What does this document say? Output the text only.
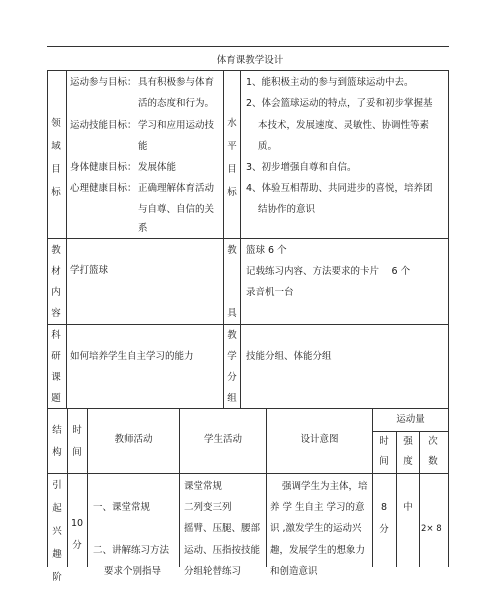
体育课教学设计
领
域
目
标
运动参与目标： 具有积极参与体育
活的态度和行为。
运动技能目标： 学习和应用运动技
能
身体健康目标： 发展体能
心理健康目标： 正确理解体育活动
与自尊、自信的关
系
水
平
目
标
1、能积极主动的参与到篮球运动中去。
2、体会篮球运动的特点，了妥和初步掌握基
本技术，发展速度、灵敏性、协调性等素
质。
3、初步增强自尊和自信。
4、体验互相帮助、共同进步的喜悦，培养团
结协作的意识
教
材
内
容
学打篮球
教
具
篮球 6 个
记载练习内容、方法要求的卡片　 6 个
录音机一台
科
研
课
题
如何培养学生自主学习的能力
教
学
分
组
技能分组、体能分组
结
构
时
间
教师活动	学生活动	设计意图
运动量
时
间
强
度
次
数
引
起
兴
趣
阶
10
分
一、课堂常规
二、讲解练习方法
要求个别指导
课堂常规
二列变三列
摇臂、压腿、腰部
运动、压指按技能
分组轮替练习
强调学生为主体，培
养 学 生自主 学习的意
识 ,激发学生的运动兴
趣，发展学生的想象力
和创造意识
8
分
中
2× 8
